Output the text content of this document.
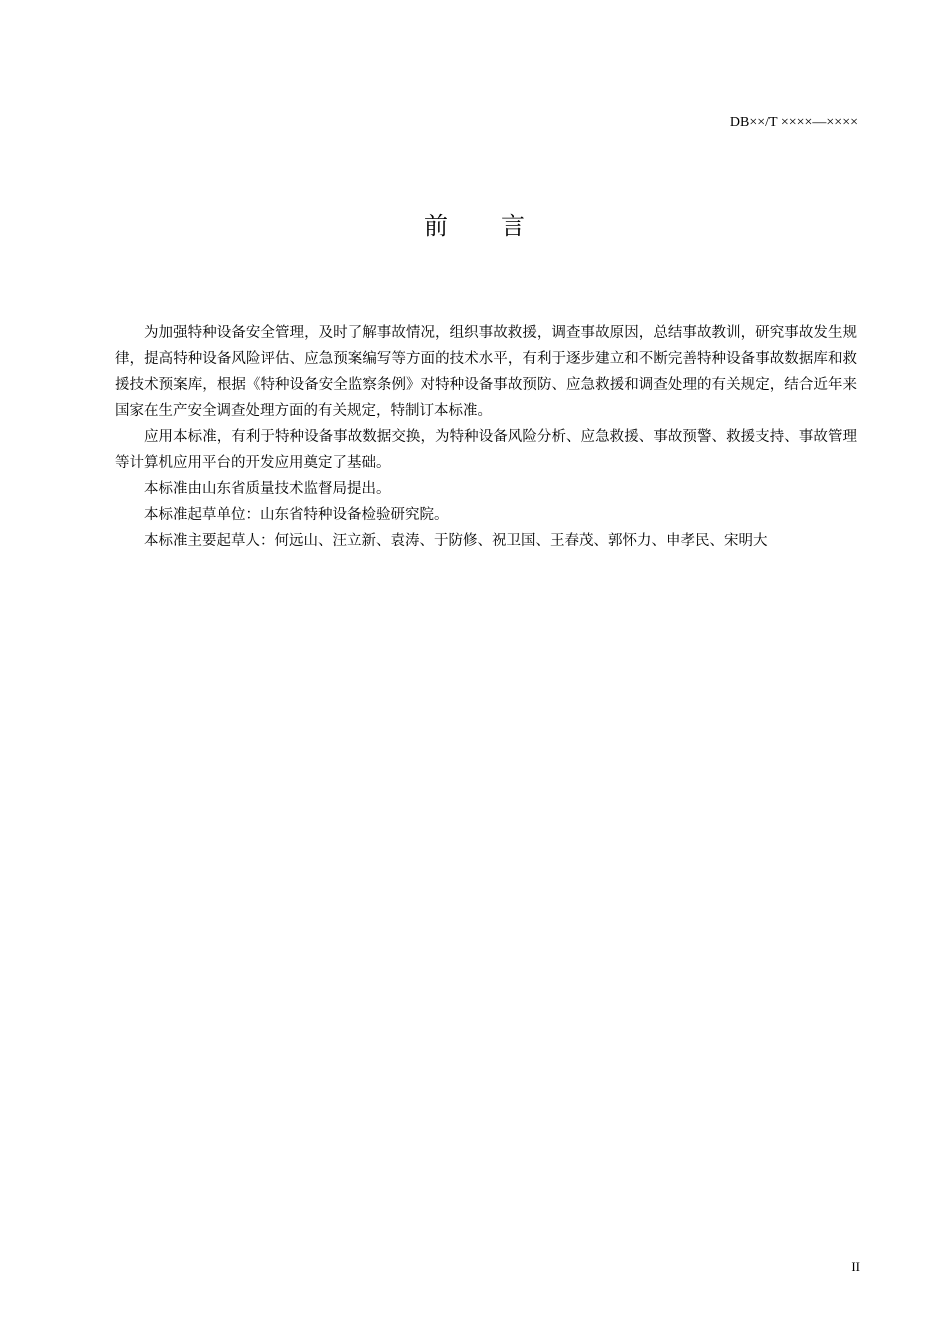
DB××/T ××××—××××
前 言

为加强特种设备安全管理，及时了解事故情况，组织事故救援，调查事故原因，总结事故教训，研究事故发生规律，提高特种设备风险评估、应急预案编写等方面的技术水平，有利于逐步建立和不断完善特种设备事故数据库和救援技术预案库，根据《特种设备安全监察条例》对特种设备事故预防、应急救援和调查处理的有关规定，结合近年来国家在生产安全调查处理方面的有关规定，特制订本标准。

应用本标准，有利于特种设备事故数据交换，为特种设备风险分析、应急救援、事故预警、救援支持、事故管理等计算机应用平台的开发应用奠定了基础。

本标准由山东省质量技术监督局提出。

本标准起草单位：山东省特种设备检验研究院。

本标准主要起草人：何远山、汪立新、袁涛、于防修、祝卫国、王春茂、郭怀力、申孝民、宋明大

II
